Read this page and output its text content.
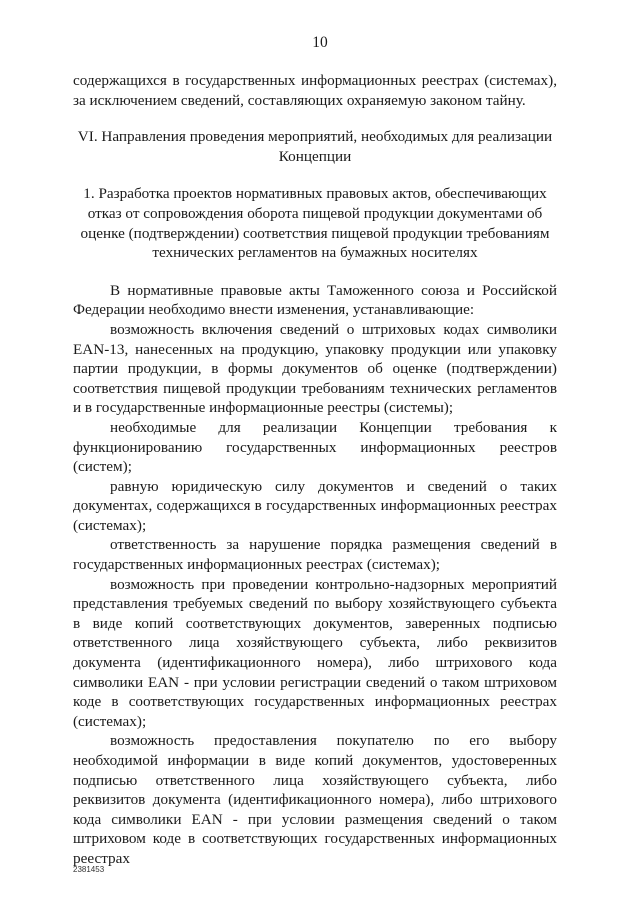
10

содержащихся в государственных информационных реестрах (системах), за исключением сведений, составляющих охраняемую законом тайну.

VI. Направления проведения мероприятий, необходимых для реализации Концепции

1. Разработка проектов нормативных правовых актов, обеспечивающих отказ от сопровождения оборота пищевой продукции документами об оценке (подтверждении) соответствия пищевой продукции требованиям технических регламентов на бумажных носителях

В нормативные правовые акты Таможенного союза и Российской Федерации необходимо внести изменения, устанавливающие:

возможность включения сведений о штриховых кодах символики EAN-13, нанесенных на продукцию, упаковку продукции или упаковку партии продукции, в формы документов об оценке (подтверждении) соответствия пищевой продукции требованиям технических регламентов и в государственные информационные реестры (системы);

необходимые для реализации Концепции требования к функционированию государственных информационных реестров (систем);

равную юридическую силу документов и сведений о таких документах, содержащихся в государственных информационных реестрах (системах);

ответственность за нарушение порядка размещения сведений в государственных информационных реестрах (системах);

возможность при проведении контрольно-надзорных мероприятий представления требуемых сведений по выбору хозяйствующего субъекта в виде копий соответствующих документов, заверенных подписью ответственного лица хозяйствующего субъекта, либо реквизитов документа (идентификационного номера), либо штрихового кода символики EAN - при условии регистрации сведений о таком штриховом коде в соответствующих государственных информационных реестрах (системах);

возможность предоставления покупателю по его выбору необходимой информации в виде копий документов, удостоверенных подписью ответственного лица хозяйствующего субъекта, либо реквизитов документа (идентификационного номера), либо штрихового кода символики EAN - при условии размещения сведений о таком штриховом коде в соответствующих государственных информационных реестрах

2381453
